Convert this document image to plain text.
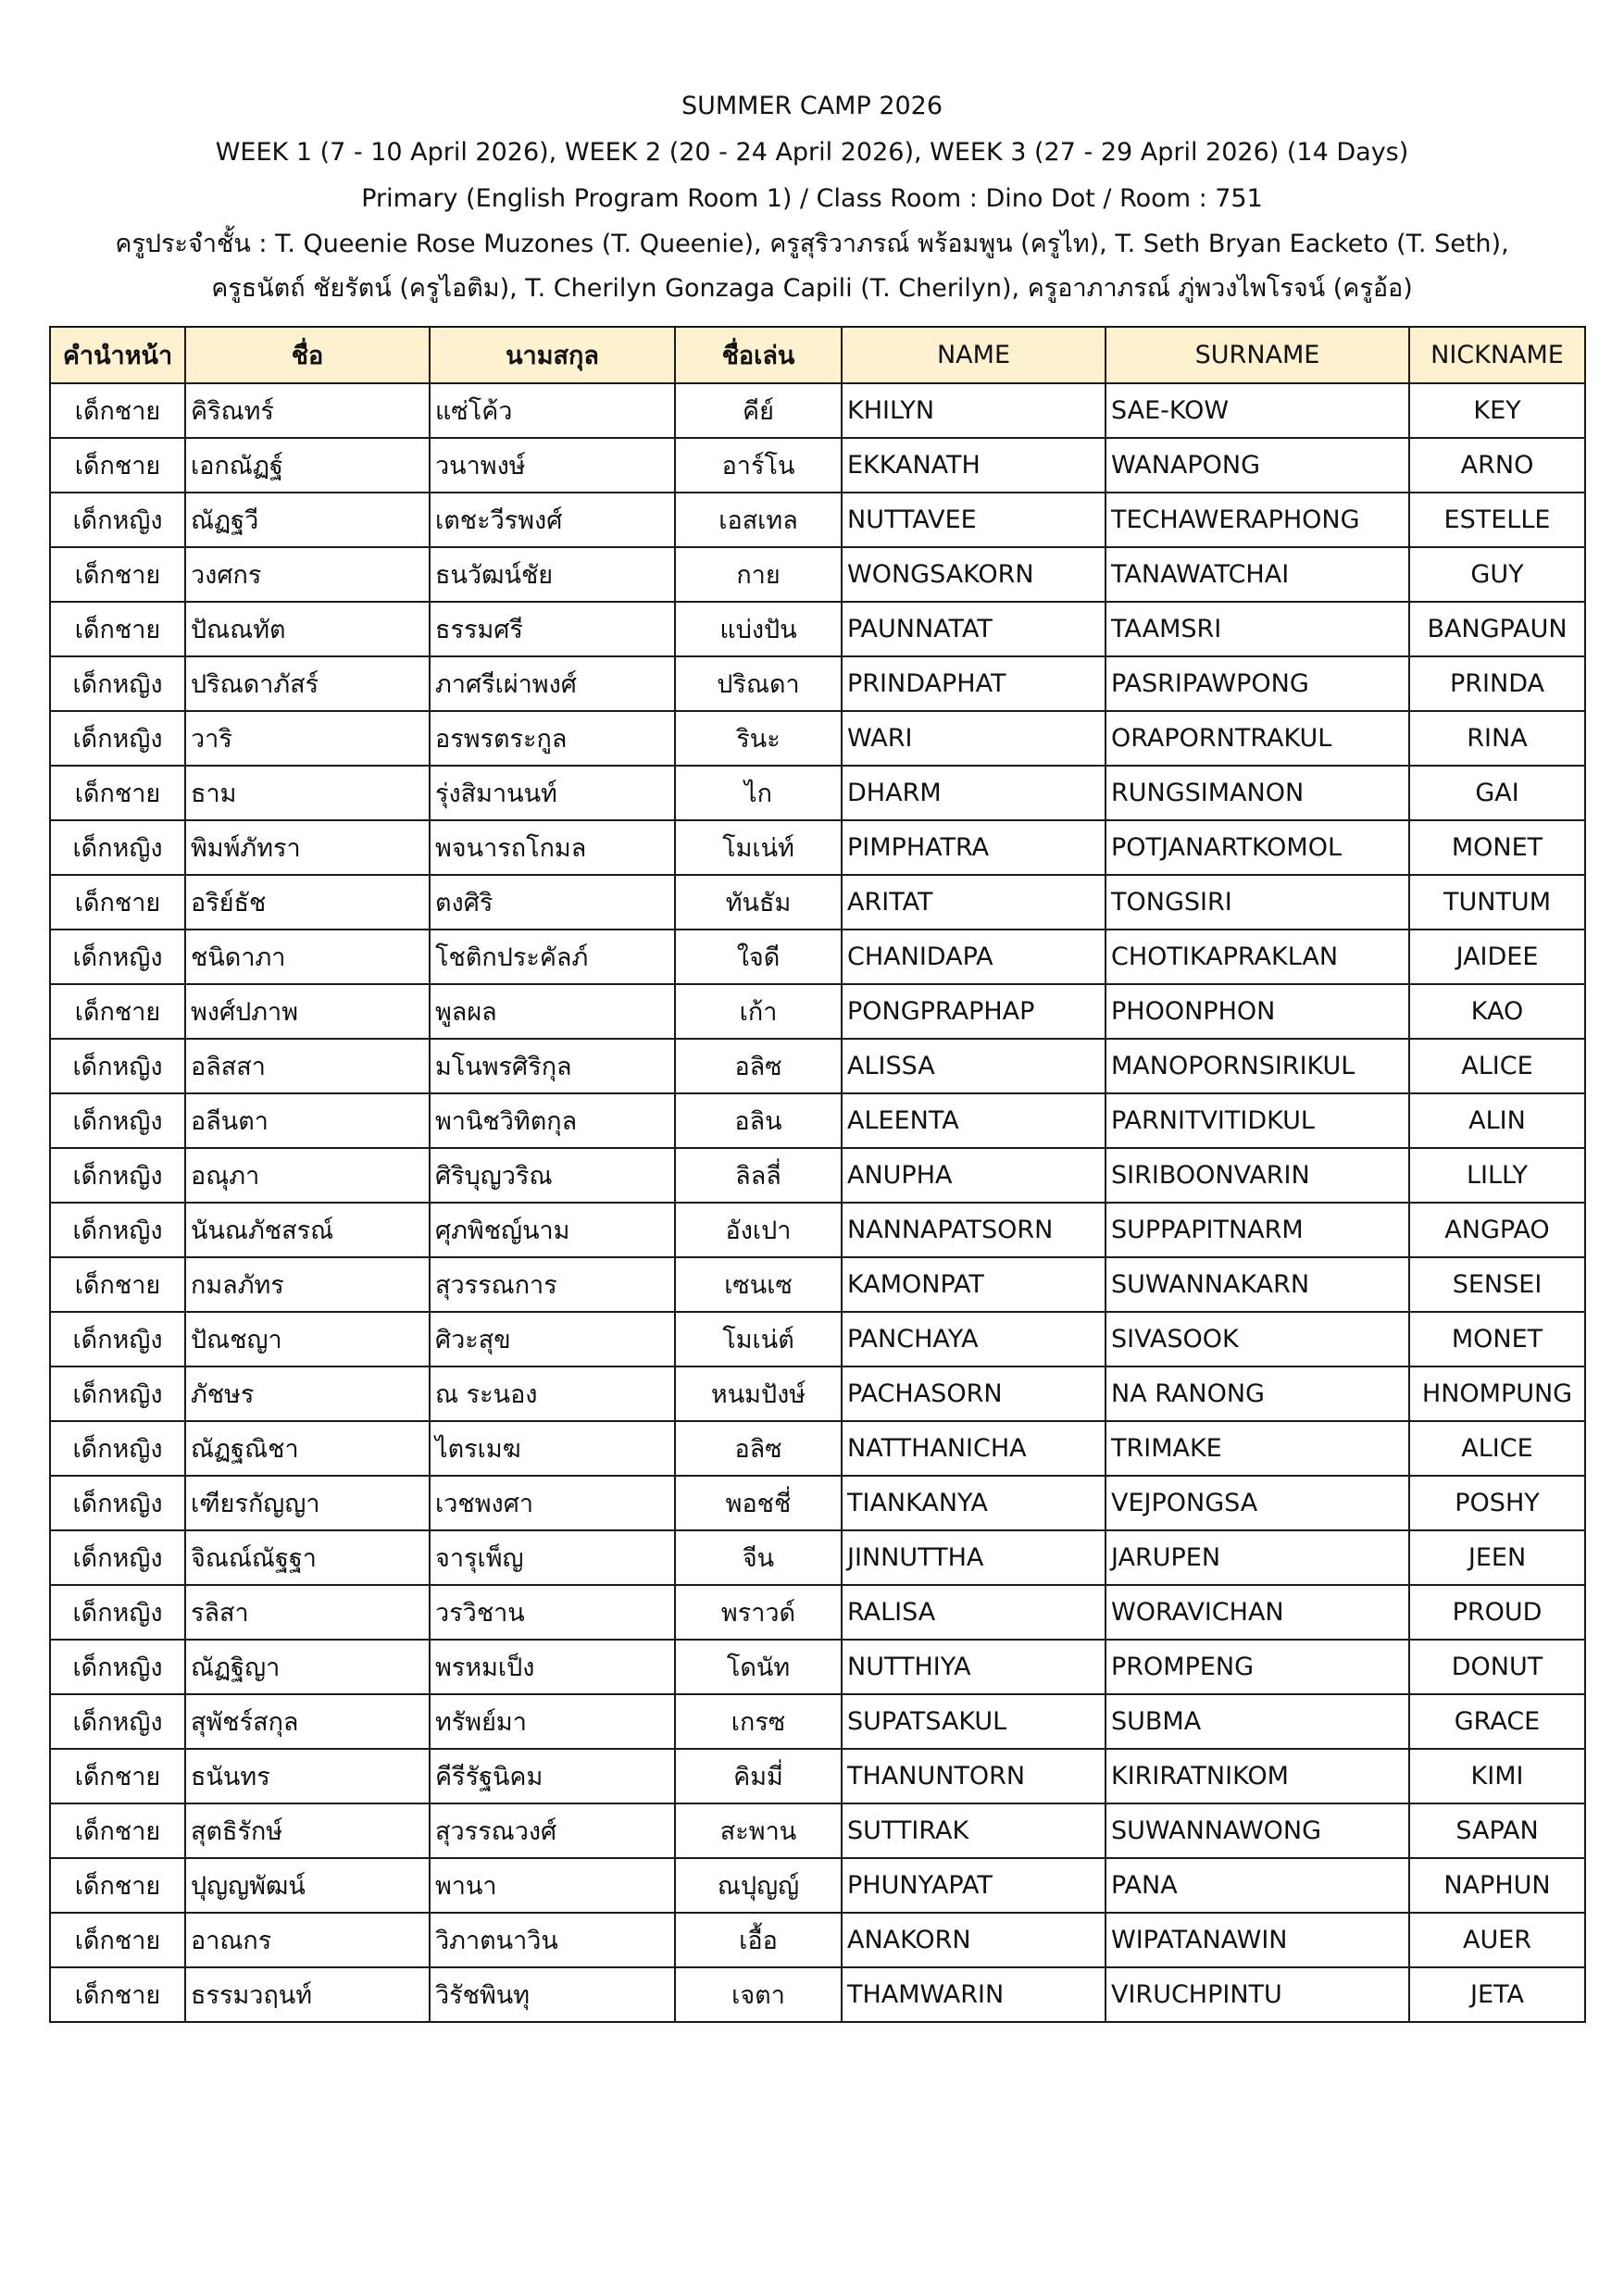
SUMMER CAMP 2026
WEEK 1 (7 - 10 April 2026), WEEK 2 (20 - 24 April 2026), WEEK 3 (27 - 29 April 2026) (14 Days)
Primary (English Program Room 1) / Class Room : Dino Dot / Room : 751
ครูประจำชั้น : T. Queenie Rose Muzones (T. Queenie), ครูสุริวาภรณ์ พร้อมพูน (ครูไท), T. Seth Bryan Eacketo (T. Seth),
ครูธนัตถ์ ชัยรัตน์ (ครูไอติม), T. Cherilyn Gonzaga Capili (T. Cherilyn), ครูอาภาภรณ์ ภู่พวงไพโรจน์ (ครูอ้อ)
คำนำหน้า	ชื่อ	นามสกุล	ชื่อเล่น	NAME	SURNAME	NICKNAME
เด็กชาย	คิริณทร์	แซ่โค้ว	คีย์	KHILYN	SAE-KOW	KEY
เด็กชาย	เอกณัฏฐ์	วนาพงษ์	อาร์โน	EKKANATH	WANAPONG	ARNO
เด็กหญิง	ณัฏฐวี	เตชะวีรพงศ์	เอสเทล	NUTTAVEE	TECHAWERAPHONG	ESTELLE
เด็กชาย	วงศกร	ธนวัฒน์ชัย	กาย	WONGSAKORN	TANAWATCHAI	GUY
เด็กชาย	ปัณณทัต	ธรรมศรี	แบ่งปัน	PAUNNATAT	TAAMSRI	BANGPAUN
เด็กหญิง	ปริณดาภัสร์	ภาศรีเผ่าพงศ์	ปริณดา	PRINDAPHAT	PASRIPAWPONG	PRINDA
เด็กหญิง	วาริ	อรพรตระกูล	รินะ	WARI	ORAPORNTRAKUL	RINA
เด็กชาย	ธาม	รุ่งสิมานนท์	ไก	DHARM	RUNGSIMANON	GAI
เด็กหญิง	พิมพ์ภัทรา	พจนารถโกมล	โมเน่ท์	PIMPHATRA	POTJANARTKOMOL	MONET
เด็กชาย	อริย์ธัช	ตงศิริ	ทันธัม	ARITAT	TONGSIRI	TUNTUM
เด็กหญิง	ชนิดาภา	โชติกประคัลภ์	ใจดี	CHANIDAPA	CHOTIKAPRAKLAN	JAIDEE
เด็กชาย	พงศ์ปภาพ	พูลผล	เก้า	PONGPRAPHAP	PHOONPHON	KAO
เด็กหญิง	อลิสสา	มโนพรศิริกุล	อลิซ	ALISSA	MANOPORNSIRIKUL	ALICE
เด็กหญิง	อลีนตา	พานิชวิทิตกุล	อลิน	ALEENTA	PARNITVITIDKUL	ALIN
เด็กหญิง	อณุภา	ศิริบุญวริณ	ลิลลี่	ANUPHA	SIRIBOONVARIN	LILLY
เด็กหญิง	นันณภัชสรณ์	ศุภพิชญ์นาม	อังเปา	NANNAPATSORN	SUPPAPITNARM	ANGPAO
เด็กชาย	กมลภัทร	สุวรรณการ	เซนเซ	KAMONPAT	SUWANNAKARN	SENSEI
เด็กหญิง	ปัณชญา	ศิวะสุข	โมเน่ต์	PANCHAYA	SIVASOOK	MONET
เด็กหญิง	ภัชษร	ณ ระนอง	หนมปังษ์	PACHASORN	NA RANONG	HNOMPUNG
เด็กหญิง	ณัฏฐณิชา	ไตรเมฆ	อลิซ	NATTHANICHA	TRIMAKE	ALICE
เด็กหญิง	เฑียรกัญญา	เวชพงศา	พอชชี่	TIANKANYA	VEJPONGSA	POSHY
เด็กหญิง	จิณณ์ณัฐฐา	จารุเพ็ญ	จีน	JINNUTTHA	JARUPEN	JEEN
เด็กหญิง	รลิสา	วรวิชาน	พราวด์	RALISA	WORAVICHAN	PROUD
เด็กหญิง	ณัฏฐิญา	พรหมเป็ง	โดนัท	NUTTHIYA	PROMPENG	DONUT
เด็กหญิง	สุพัชร์สกุล	ทรัพย์มา	เกรซ	SUPATSAKUL	SUBMA	GRACE
เด็กชาย	ธนันทร	คีรีรัฐนิคม	คิมมี่	THANUNTORN	KIRIRATNIKOM	KIMI
เด็กชาย	สุตธิรักษ์	สุวรรณวงศ์	สะพาน	SUTTIRAK	SUWANNAWONG	SAPAN
เด็กชาย	ปุญญพัฒน์	พานา	ณปุญญ์	PHUNYAPAT	PANA	NAPHUN
เด็กชาย	อาณกร	วิภาตนาวิน	เอื้อ	ANAKORN	WIPATANAWIN	AUER
เด็กชาย	ธรรมวฤนท์	วิรัชพินทุ	เจตา	THAMWARIN	VIRUCHPINTU	JETA
